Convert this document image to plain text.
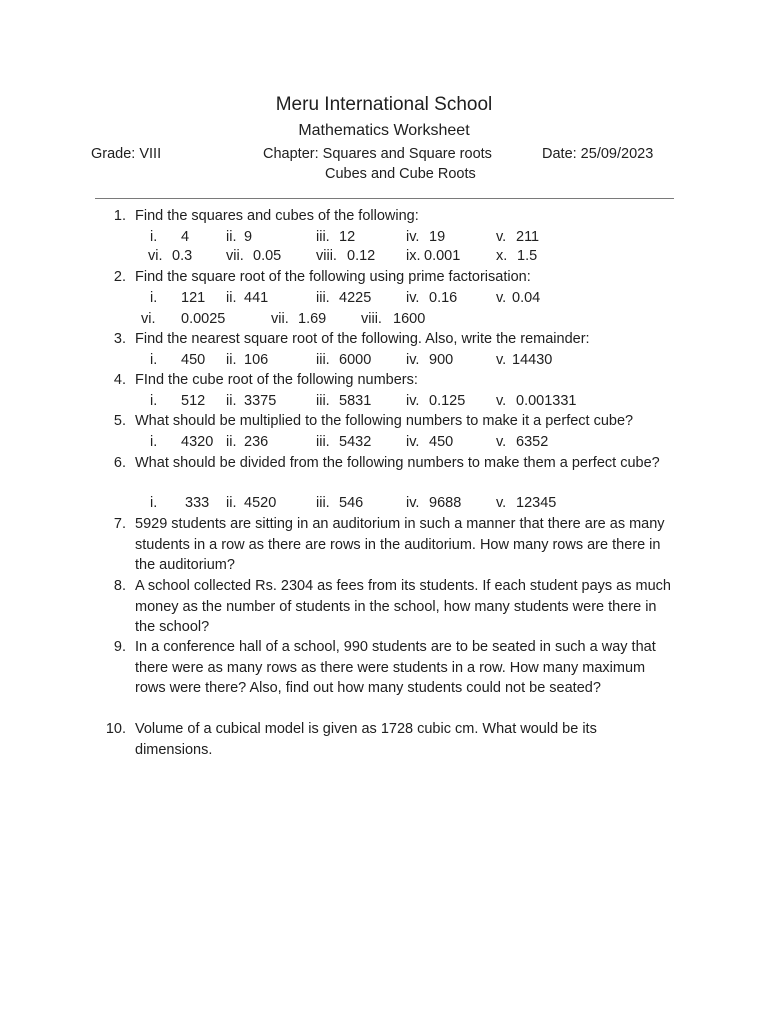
Meru International School
Mathematics Worksheet
Grade: VIII	Chapter: Squares and Square roots	Date: 25/09/2023
Cubes and Cube Roots
1. Find the squares and cubes of the following:
i. 4	ii. 9	iii. 12	iv. 19	v. 211
vi. 0.3 vii. 0.05 viii. 0.12 ix. 0.001 x. 1.5
2. Find the square root of the following using prime factorisation:
i. 121 ii. 441	iii. 4225 iv. 0.16	v. 0.04
vi. 0.0025	vii. 1.69 viii. 1600
3. Find the nearest square root of the following. Also, write the remainder:
i. 450 ii. 106	iii. 6000 iv. 900	v. 14430
4. FInd the cube root of the following numbers:
i. 512 ii. 3375	iii. 5831 iv. 0.125 v. 0.001331
5. What should be multiplied to the following numbers to make it a perfect cube?
i. 4320 ii. 236	iii. 5432 iv. 450	v. 6352
6. What should be divided from the following numbers to make them a perfect cube?
i. 333 ii. 4520	iii. 546	iv. 9688 v. 12345
7. 5929 students are sitting in an auditorium in such a manner that there are as many students in a row as there are rows in the auditorium. How many rows are there in the auditorium?
8. A school collected Rs. 2304 as fees from its students. If each student pays as much money as the number of students in the school, how many students were there in the school?
9. In a conference hall of a school, 990 students are to be seated in such a way that there were as many rows as there were students in a row. How many maximum rows were there? Also, find out how many students could not be seated?
10. Volume of a cubical model is given as 1728 cubic cm. What would be its dimensions.
